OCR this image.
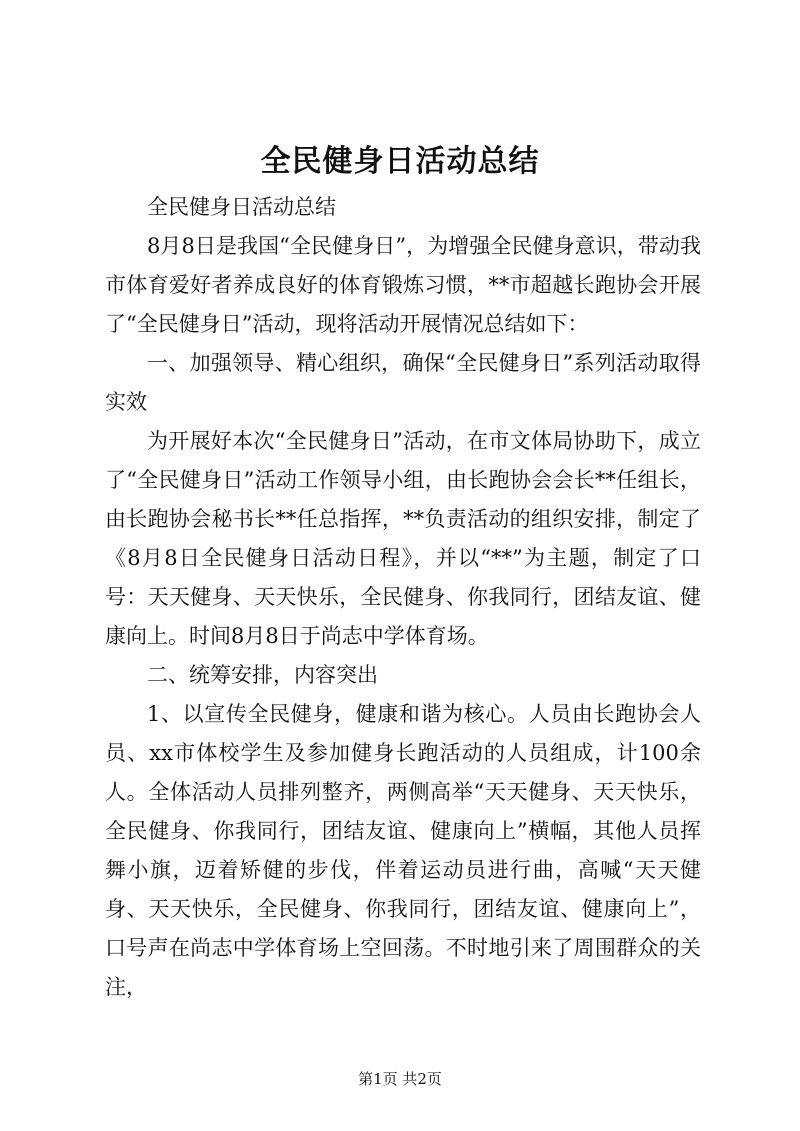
全民健身日活动总结

全民健身日活动总结

8月8日是我国“全民健身日”，为增强全民健身意识，带动我市体育爱好者养成良好的体育锻炼习惯，**市超越长跑协会开展了“全民健身日”活动，现将活动开展情况总结如下：

一、加强领导、精心组织，确保“全民健身日”系列活动取得实效

为开展好本次“全民健身日”活动，在市文体局协助下，成立了“全民健身日”活动工作领导小组，由长跑协会会长**任组长，由长跑协会秘书长**任总指挥，**负责活动的组织安排，制定了《8月8日全民健身日活动日程》，并以“**”为主题，制定了口号：天天健身、天天快乐，全民健身、你我同行，团结友谊、健康向上。时间8月8日于尚志中学体育场。

二、统筹安排，内容突出

1、以宣传全民健身，健康和谐为核心。人员由长跑协会人员、xx市体校学生及参加健身长跑活动的人员组成，计100余人。全体活动人员排列整齐，两侧高举“天天健身、天天快乐，全民健身、你我同行，团结友谊、健康向上”横幅，其他人员挥舞小旗，迈着矫健的步伐，伴着运动员进行曲，高喊“天天健身、天天快乐，全民健身、你我同行，团结友谊、健康向上”，口号声在尚志中学体育场上空回荡。不时地引来了周围群众的关注，

第1页 共2页
